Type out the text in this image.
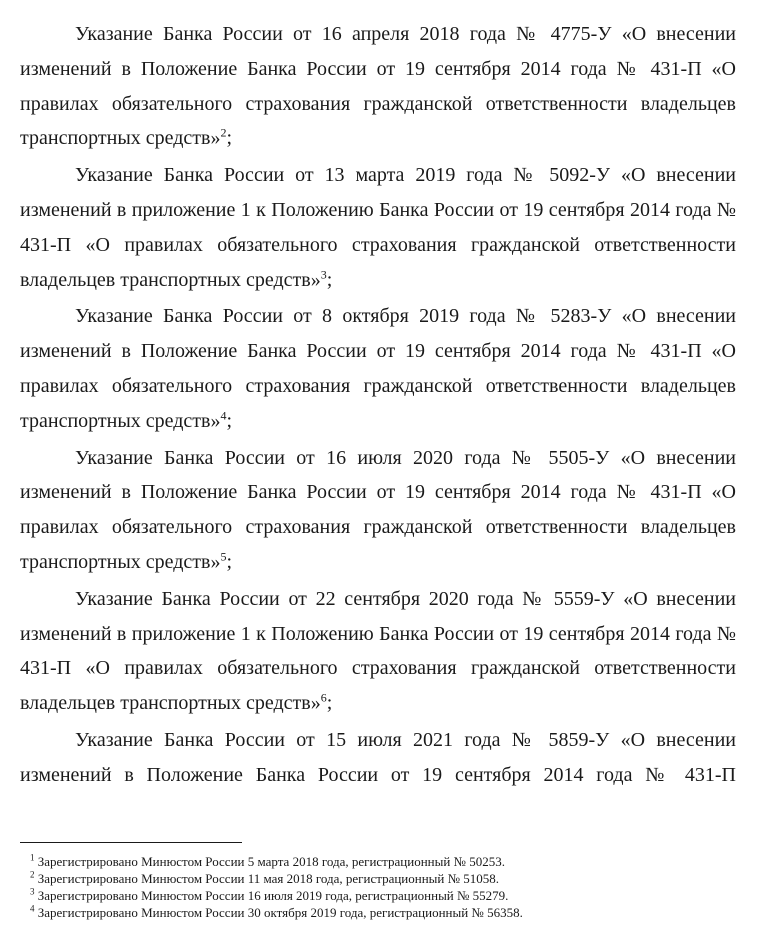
Указание Банка России от 16 апреля 2018 года № 4775-У «О внесении изменений в Положение Банка России от 19 сентября 2014 года № 431-П «О правилах обязательного страхования гражданской ответственности владельцев транспортных средств»$^2$;

Указание Банка России от 13 марта 2019 года № 5092-У «О внесении изменений в приложение 1 к Положению Банка России от 19 сентября 2014 года № 431-П «О правилах обязательного страхования гражданской ответственности владельцев транспортных средств»$^3$;

Указание Банка России от 8 октября 2019 года № 5283-У «О внесении изменений в Положение Банка России от 19 сентября 2014 года № 431-П «О правилах обязательного страхования гражданской ответственности владельцев транспортных средств»$^4$;

Указание Банка России от 16 июля 2020 года № 5505-У «О внесении изменений в Положение Банка России от 19 сентября 2014 года № 431-П «О правилах обязательного страхования гражданской ответственности владельцев транспортных средств»$^5$;

Указание Банка России от 22 сентября 2020 года № 5559-У «О внесении изменений в приложение 1 к Положению Банка России от 19 сентября 2014 года № 431-П «О правилах обязательного страхования гражданской ответственности владельцев транспортных средств»$^6$;

Указание Банка России от 15 июля 2021 года № 5859-У «О внесении изменений в Положение Банка России от 19 сентября 2014 года № 431-П

$^1$ Зарегистрировано Минюстом России 5 марта 2018 года, регистрационный № 50253.

$^2$ Зарегистрировано Минюстом России 11 мая 2018 года, регистрационный № 51058.

$^3$ Зарегистрировано Минюстом России 16 июля 2019 года, регистрационный № 55279.

$^4$ Зарегистрировано Минюстом России 30 октября 2019 года, регистрационный № 56358.
